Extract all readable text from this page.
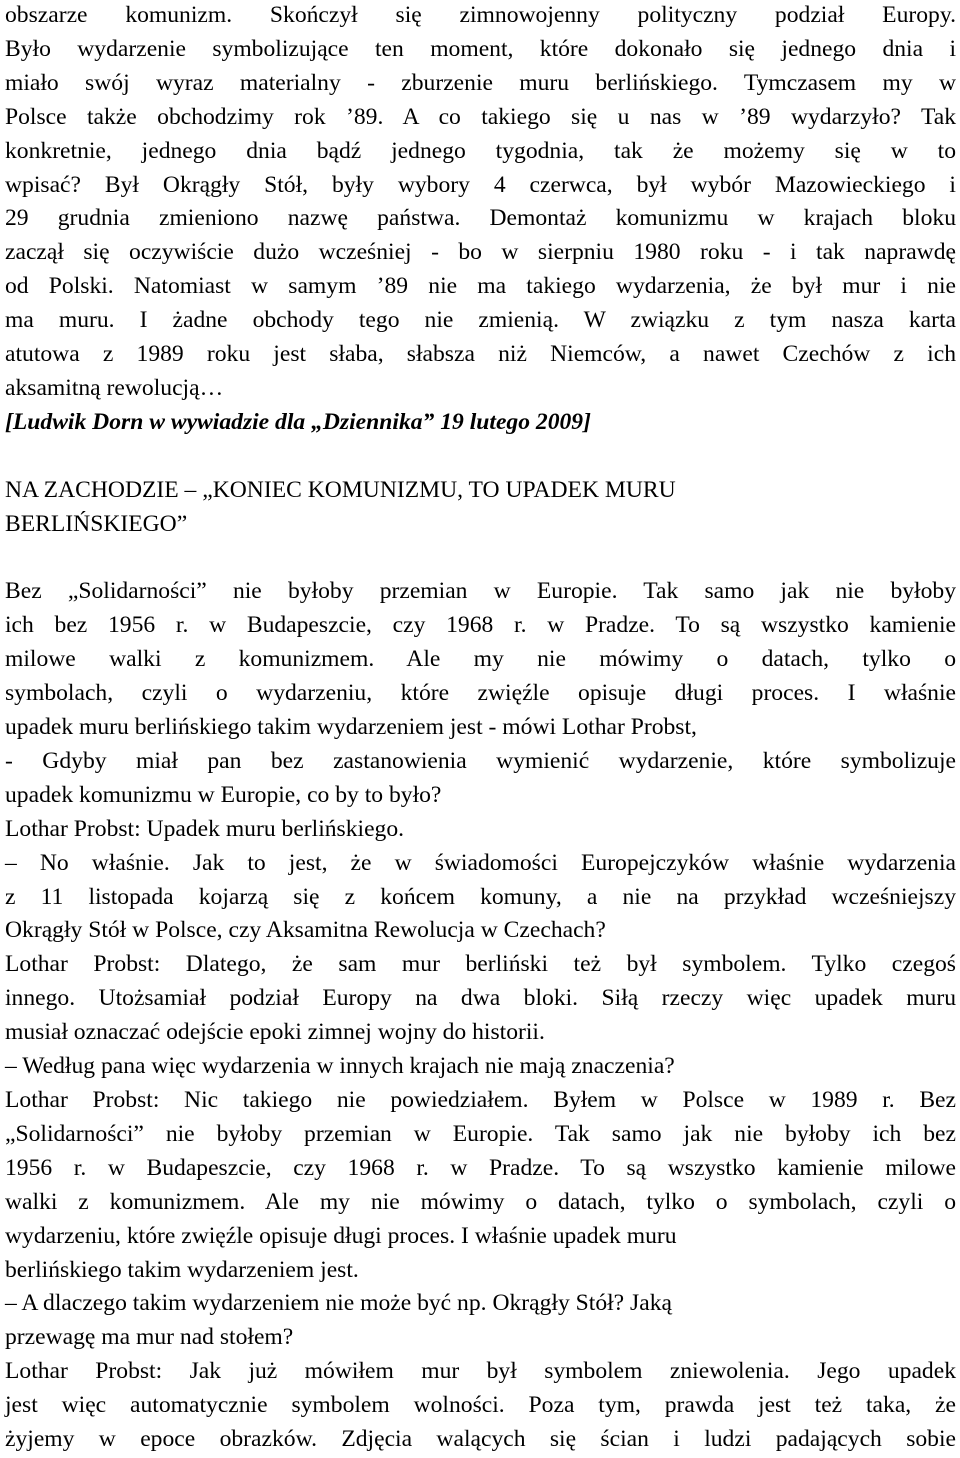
obszarze komunizm. Skończył się zimnowojenny polityczny podział Europy.
Było wydarzenie symbolizujące ten moment, które dokonało się jednego dnia i
miało swój wyraz materialny - zburzenie muru berlińskiego. Tymczasem my w
Polsce także obchodzimy rok ’89. A co takiego się u nas w ’89 wydarzyło? Tak
konkretnie, jednego dnia bądź jednego tygodnia, tak że możemy się w to
wpisać? Był Okrągły Stół, były wybory 4 czerwca, był wybór Mazowieckiego i
29 grudnia zmieniono nazwę państwa. Demontaż komunizmu w krajach bloku
zaczął się oczywiście dużo wcześniej - bo w sierpniu 1980 roku - i tak naprawdę
od Polski. Natomiast w samym ’89 nie ma takiego wydarzenia, że był mur i nie
ma muru. I żadne obchody tego nie zmienią. W związku z tym nasza karta
atutowa z 1989 roku jest słaba, słabsza niż Niemców, a nawet Czechów z ich
aksamitną rewolucją…
[Ludwik Dorn w wywiadzie dla „Dziennika” 19 lutego 2009]
NA ZACHODZIE – „KONIEC KOMUNIZMU, TO UPADEK MURU
BERLIŃSKIEGO”
Bez „Solidarności” nie byłoby przemian w Europie. Tak samo jak nie byłoby
ich bez 1956 r. w Budapeszcie, czy 1968 r. w Pradze. To są wszystko kamienie
milowe walki z komunizmem. Ale my nie mówimy o datach, tylko o
symbolach, czyli o wydarzeniu, które zwięźle opisuje długi proces. I właśnie
upadek muru berlińskiego takim wydarzeniem jest - mówi Lothar Probst,
- Gdyby miał pan bez zastanowienia wymienić wydarzenie, które symbolizuje
upadek komunizmu w Europie, co by to było?
Lothar Probst: Upadek muru berlińskiego.
– No właśnie. Jak to jest, że w świadomości Europejczyków właśnie wydarzenia
z 11 listopada kojarzą się z końcem komuny, a nie na przykład wcześniejszy
Okrągły Stół w Polsce, czy Aksamitna Rewolucja w Czechach?
Lothar Probst: Dlatego, że sam mur berliński też był symbolem. Tylko czegoś
innego. Utożsamiał podział Europy na dwa bloki. Siłą rzeczy więc upadek muru
musiał oznaczać odejście epoki zimnej wojny do historii.
– Według pana więc wydarzenia w innych krajach nie mają znaczenia?
Lothar Probst: Nic takiego nie powiedziałem. Byłem w Polsce w 1989 r. Bez
„Solidarności” nie byłoby przemian w Europie. Tak samo jak nie byłoby ich bez
1956 r. w Budapeszcie, czy 1968 r. w Pradze. To są wszystko kamienie milowe
walki z komunizmem. Ale my nie mówimy o datach, tylko o symbolach, czyli o
wydarzeniu, które zwięźle opisuje długi proces. I właśnie upadek muru
berlińskiego takim wydarzeniem jest.
– A dlaczego takim wydarzeniem nie może być np. Okrągły Stół? Jaką
przewagę ma mur nad stołem?
Lothar Probst: Jak już mówiłem mur był symbolem zniewolenia. Jego upadek
jest więc automatycznie symbolem wolności. Poza tym, prawda jest też taka, że
żyjemy w epoce obrazków. Zdjęcia walących się ścian i ludzi padających sobie
